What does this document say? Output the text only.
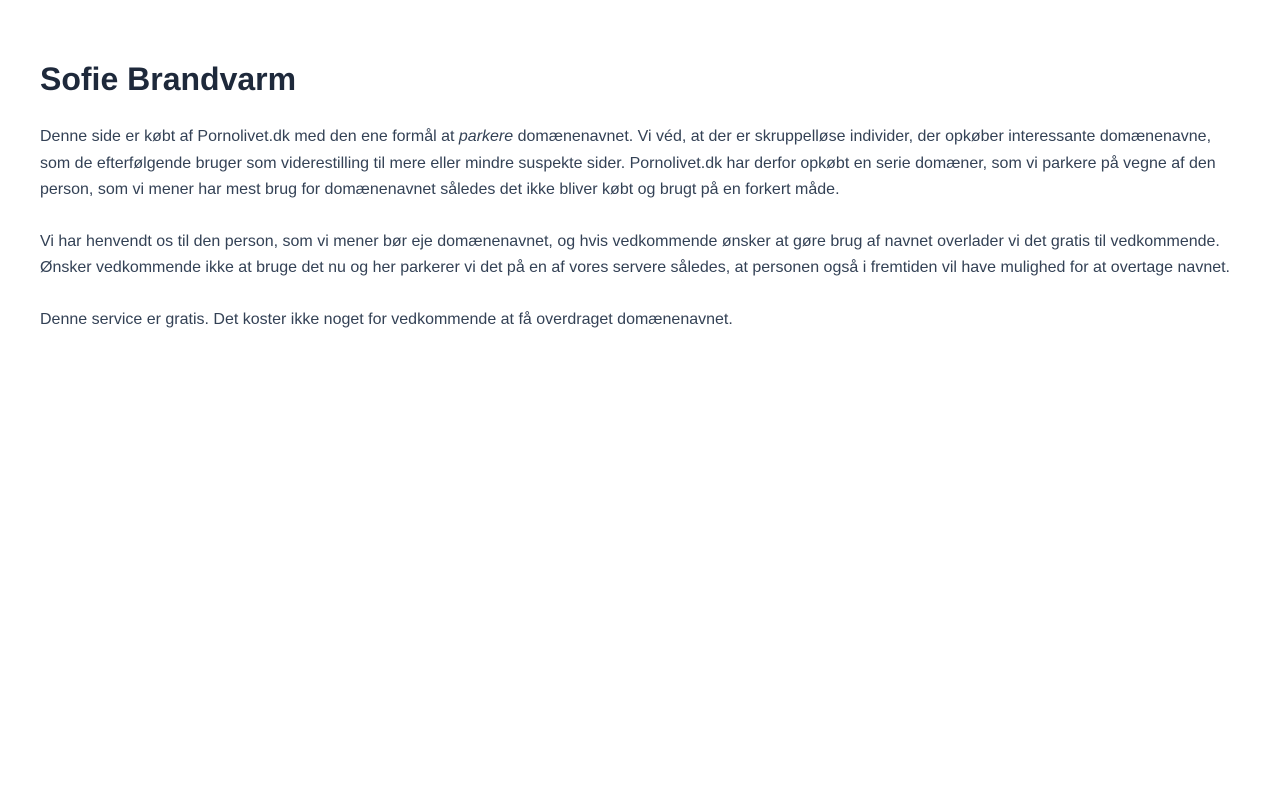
Sofie Brandvarm

Denne side er købt af Pornolivet.dk med den ene formål at parkere domænenavnet. Vi véd, at der er skruppelløse individer, der opkøber interessante domænenavne, som de efterfølgende bruger som viderestilling til mere eller mindre suspekte sider. Pornolivet.dk har derfor opkøbt en serie domæner, som vi parkere på vegne af den person, som vi mener har mest brug for domænenavnet således det ikke bliver købt og brugt på en forkert måde.

Vi har henvendt os til den person, som vi mener bør eje domænenavnet, og hvis vedkommende ønsker at gøre brug af navnet overlader vi det gratis til vedkommende. Ønsker vedkommende ikke at bruge det nu og her parkerer vi det på en af vores servere således, at personen også i fremtiden vil have mulighed for at overtage navnet.

Denne service er gratis. Det koster ikke noget for vedkommende at få overdraget domænenavnet.
